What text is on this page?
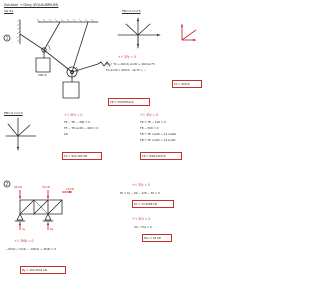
Solution → Ding (EQUILIBRIUM)
Set #1
1
2
200 lb
FBD of cord B
+↑ ΣFy = 0
TA = TC + 400 lb sin30 + 400 sin75
TA sin30 = 400 lb · sin75 + ...
TA = 400 lb
TB = 259.0652 lb
FBD of cord D	+→ ΣFx = 0
TE − TD − 300 = 0
TE − TD sin45 − 400 = 0
kN
TA = 914.162 kN
+↑ ΣFy = 0
TB = TE − 100 = 0
TB − 500 = 0
TB = TE cos45 + 14 cos60
TB = TE cos45 + 14 sin60
TB = 846.4103 lb
60 kN	40 kN	20 kN
Ay	By
+↑ ΣMA = 0
−60(4) + Fy(2) − 120(4) + 30(6) = 0
By = 102.2541 kN
+↑ ΣFy = 0
FA = Fy − 60 − 120 − 30 = 0
FA = 13.4286 kN
+→ ΣFx = 0
30 − FAx = 0
FAx = 30 kN
